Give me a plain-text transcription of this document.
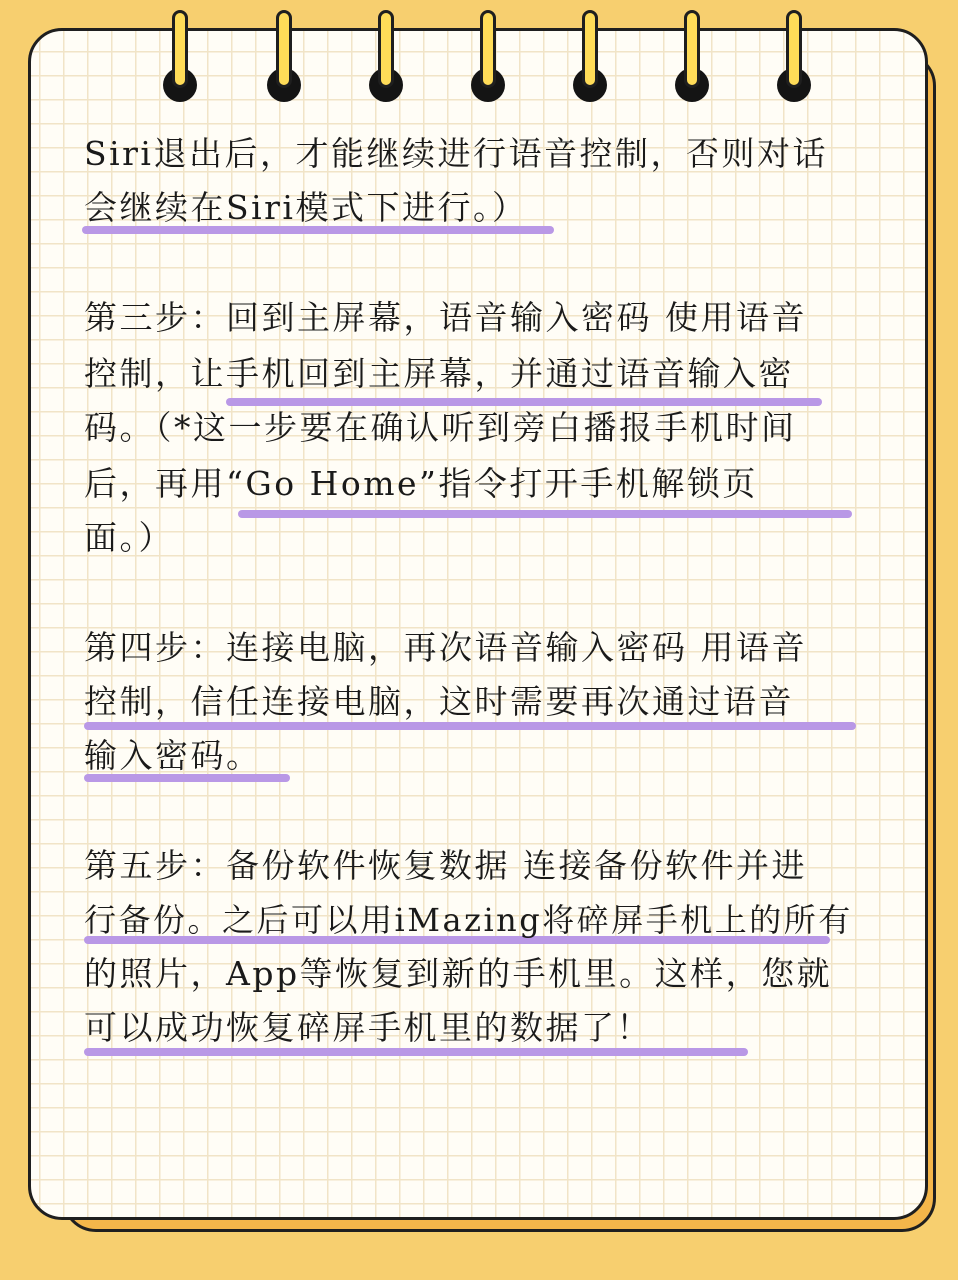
Siri退出后，才能继续进行语音控制，否则对话
会继续在Siri模式下进行。）
第三步：回到主屏幕，语音输入密码 使用语音
控制，让手机回到主屏幕，并通过语音输入密
码。（*这一步要在确认听到旁白播报手机时间
后，再用“Go Home”指令打开手机解锁页
面。）
第四步：连接电脑，再次语音输入密码 用语音
控制，信任连接电脑，这时需要再次通过语音
输入密码。
第五步：备份软件恢复数据 连接备份软件并进
行备份。之后可以用iMazing将碎屏手机上的所有
的照片，App等恢复到新的手机里。这样，您就
可以成功恢复碎屏手机里的数据了！
